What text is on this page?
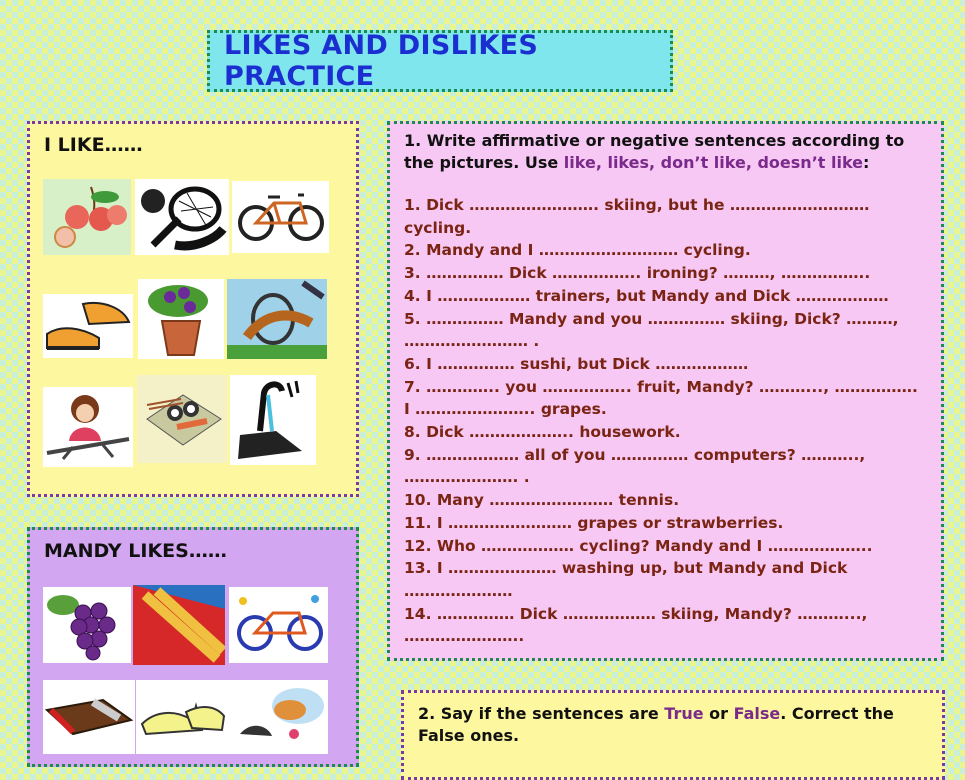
LIKES AND DISLIKES PRACTICE
I LIKE……
MANDY LIKES……

1. Write affirmative or negative sentences according to the pictures. Use like, likes, don’t like, doesn’t like:

1. Dick ……………………. skiing, but he ……………………… cycling.
2. Mandy and I ……………………… cycling.
3. …………… Dick …………….. ironing? ………, ……………..
4. I ……………… trainers, but Mandy and Dick ………………
5. …………… Mandy and you …………… skiing, Dick? ………, …………………… .
6. I …………… sushi, but Dick ………………
7. ………….. you …………….. fruit, Mandy? ………..., ……………. I ………………….. grapes.
8. Dick ……………….. housework.
9. ……………… all of you …………… computers? ……….., …………………. .
10. Many …………………… tennis.
11. I …………………… grapes or strawberries.
12. Who ……………… cycling? Mandy and I ………………..
13. I ………………… washing up, but Mandy and Dick …………………
14. …………… Dick ……………… skiing, Mandy? ………..., …………………..

2. Say if the sentences are True or False. Correct the False ones.
